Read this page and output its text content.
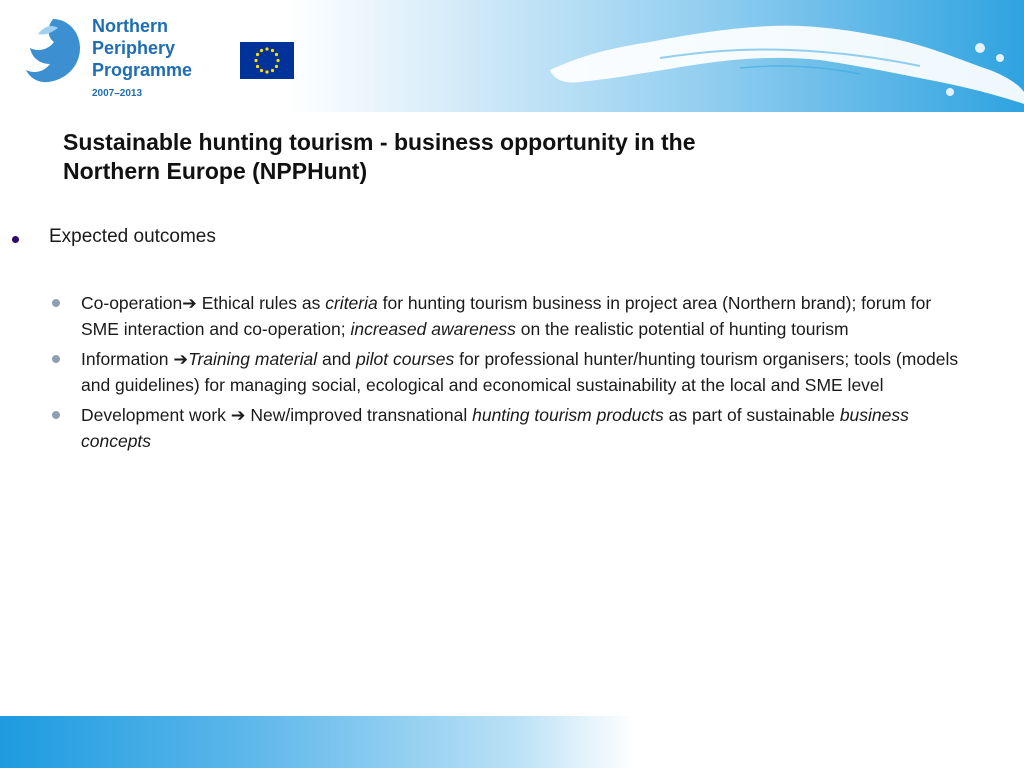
Northern
Periphery
Programme
2007–2013
Sustainable hunting tourism - business opportunity in the
Northern Europe (NPPHunt)
Expected outcomes
Co-operation➔ Ethical rules as criteria for hunting tourism business in project area (Northern brand); forum for SME interaction and co-operation; increased awareness on the realistic potential of hunting tourism
Information ➔Training material and pilot courses for professional hunter/hunting tourism organisers; tools (models and guidelines) for managing social, ecological and economical sustainability at the local and SME level
Development work ➔ New/improved transnational hunting tourism products as part of sustainable business concepts
